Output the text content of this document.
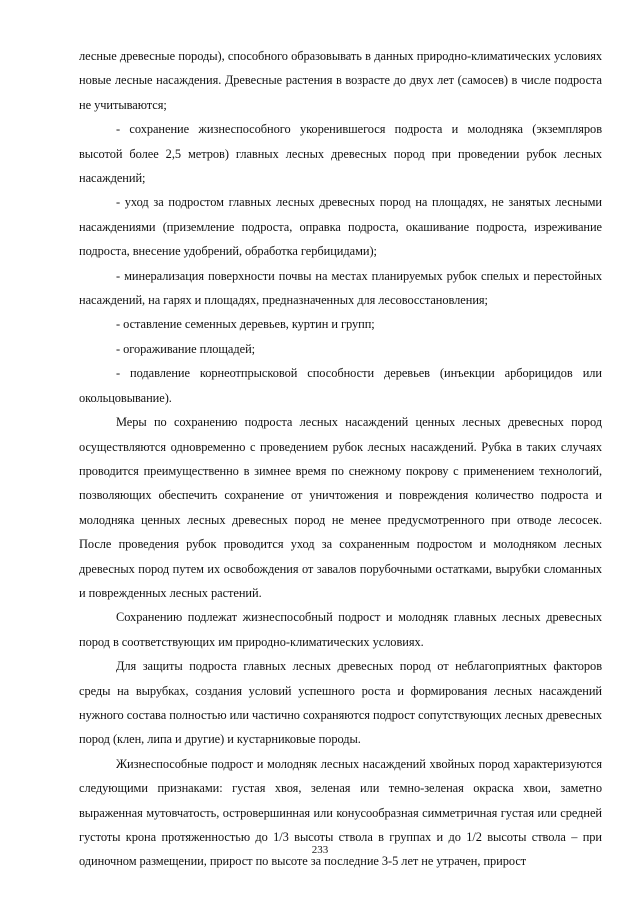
лесные древесные породы), способного образовывать в данных природно-климатических условиях новые лесные насаждения. Древесные растения в возрасте до двух лет (самосев) в числе подроста не учитываются;

- сохранение жизнеспособного укоренившегося подроста и молодняка (экземпляров высотой более 2,5 метров) главных лесных древесных пород при проведении рубок лесных насаждений;

- уход за подростом главных лесных древесных пород на площадях, не занятых лесными насаждениями (приземление подроста, оправка подроста, окашивание подроста, изреживание подроста, внесение удобрений, обработка гербицидами);

- минерализация поверхности почвы на местах планируемых рубок спелых и перестойных насаждений, на гарях и площадях, предназначенных для лесовосстановления;

- оставление семенных деревьев, куртин и групп;

- огораживание площадей;

- подавление корнеотпрысковой способности деревьев (инъекции арборицидов или окольцовывание).

Меры по сохранению подроста лесных насаждений ценных лесных древесных пород осуществляются одновременно с проведением рубок лесных насаждений. Рубка в таких случаях проводится преимущественно в зимнее время по снежному покрову с применением технологий, позволяющих обеспечить сохранение от уничтожения и повреждения количество подроста и молодняка ценных лесных древесных пород не менее предусмотренного при отводе лесосек. После проведения рубок проводится уход за сохраненным подростом и молодняком лесных древесных пород путем их освобождения от завалов порубочными остатками, вырубки сломанных и поврежденных лесных растений.

Сохранению подлежат жизнеспособный подрост и молодняк главных лесных древесных пород в соответствующих им природно-климатических условиях.

Для защиты подроста главных лесных древесных пород от неблагоприятных факторов среды на вырубках, создания условий успешного роста и формирования лесных насаждений нужного состава полностью или частично сохраняются подрост сопутствующих лесных древесных пород (клен, липа и другие) и кустарниковые породы.

Жизнеспособные подрост и молодняк лесных насаждений хвойных пород характеризуются следующими признаками: густая хвоя, зеленая или темно-зеленая окраска хвои, заметно выраженная мутовчатость, островершинная или конусообразная симметричная густая или средней густоты крона протяженностью до 1/3 высоты ствола в группах и до 1/2 высоты ствола – при одиночном размещении, прирост по высоте за последние 3-5 лет не утрачен, прирост

233
